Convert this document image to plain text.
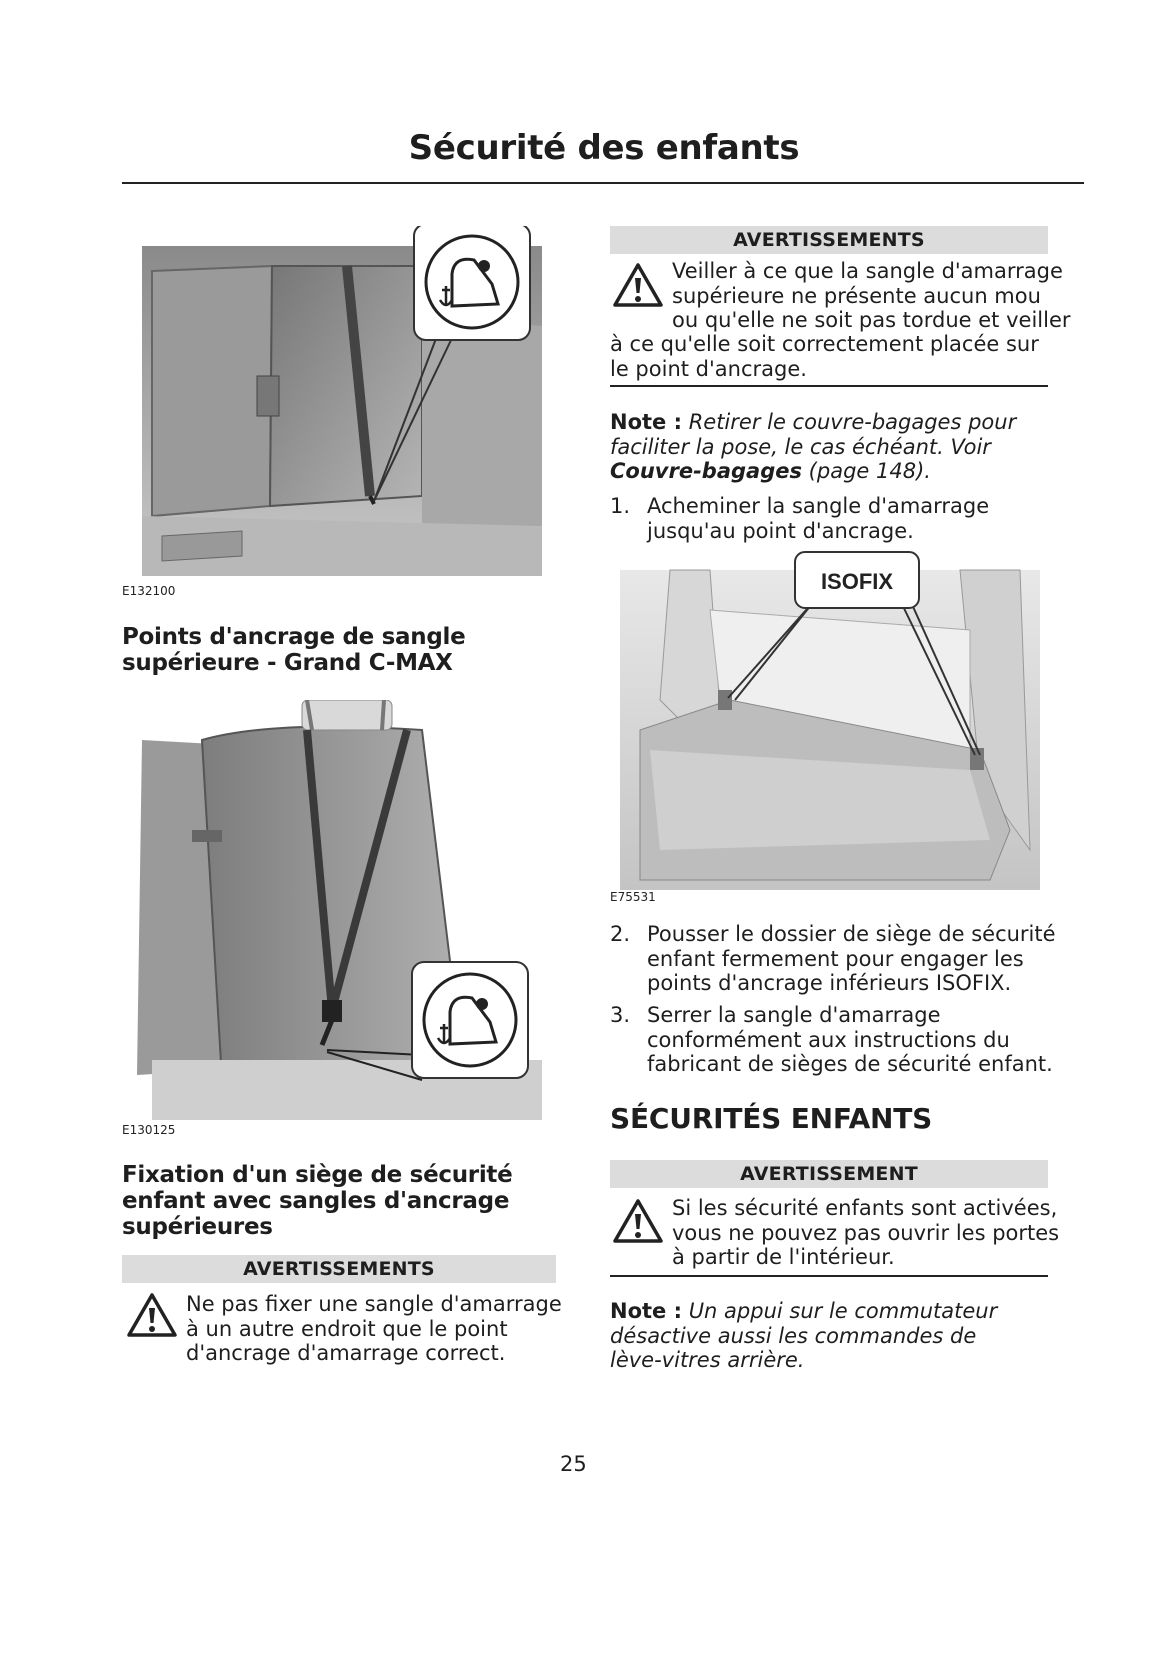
Sécurité des enfants
E132100
Points d'ancrage de sangle
supérieure - Grand C-MAX
E130125
Fixation d'un siège de sécurité
enfant avec sangles d'ancrage
supérieures
AVERTISSEMENTS
Ne pas fixer une sangle d'amarrage
à un autre endroit que le point
d'ancrage d'amarrage correct.
AVERTISSEMENTS
Veiller à ce que la sangle d'amarrage
supérieure ne présente aucun mou
ou qu'elle ne soit pas tordue et veiller
à ce qu'elle soit correctement placée sur
le point d'ancrage.
Note : Retirer le couvre-bagages pour
faciliter la pose, le cas échéant. Voir
Couvre-bagages (page 148).
1. Acheminer la sangle d'amarrage
jusqu'au point d'ancrage.
ISOFIX
E75531
2. Pousser le dossier de siège de sécurité
enfant fermement pour engager les
points d'ancrage inférieurs ISOFIX.
3. Serrer la sangle d'amarrage
conformément aux instructions du
fabricant de sièges de sécurité enfant.
SÉCURITÉS ENFANTS
AVERTISSEMENT
Si les sécurité enfants sont activées,
vous ne pouvez pas ouvrir les portes
à partir de l'intérieur.
Note : Un appui sur le commutateur
désactive aussi les commandes de
lève-vitres arrière.
25
